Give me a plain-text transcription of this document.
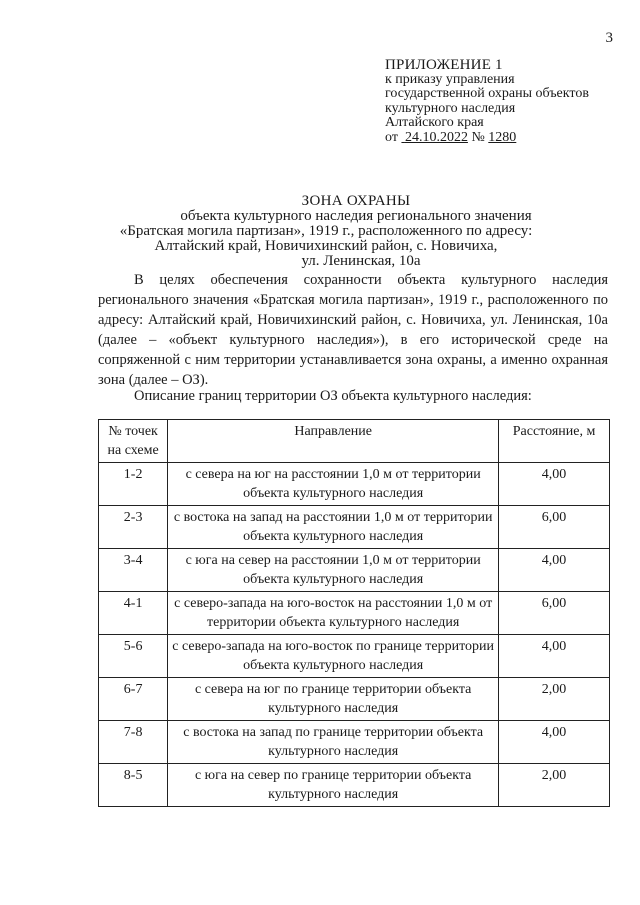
3
ПРИЛОЖЕНИЕ 1
к приказу управления
государственной охраны объектов
культурного наследия
Алтайского края
от 24.10.2022 № 1280
ЗОНА ОХРАНЫ
объекта культурного наследия регионального значения
«Братская могила партизан», 1919 г., расположенного по адресу:
Алтайский край, Новичихинский район, с. Новичиха,
ул. Ленинская, 10а

В целях обеспечения сохранности объекта культурного наследия регионального значения «Братская могила партизан», 1919 г., расположенного по адресу: Алтайский край, Новичихинский район, с. Новичиха, ул. Ленинская, 10а (далее – «объект культурного наследия»), в его исторической среде на сопряженной с ним территории устанавливается зона охраны, а именно охранная зона (далее – ОЗ).

Описание границ территории ОЗ объекта культурного наследия:
№ точек на схеме	Направление	Расстояние, м
1-2	с севера на юг на расстоянии 1,0 м от территории объекта культурного наследия	4,00
2-3	с востока на запад на расстоянии 1,0 м от территории объекта культурного наследия	6,00
3-4	с юга на север на расстоянии 1,0 м от территории объекта культурного наследия	4,00
4-1	с северо-запада на юго-восток на расстоянии 1,0 м от территории объекта культурного наследия	6,00
5-6	с северо-запада на юго-восток по границе территории объекта культурного наследия	4,00
6-7	с севера на юг по границе территории объекта культурного наследия	2,00
7-8	с востока на запад по границе территории объекта культурного наследия	4,00
8-5	с юга на север по границе территории объекта культурного наследия	2,00
